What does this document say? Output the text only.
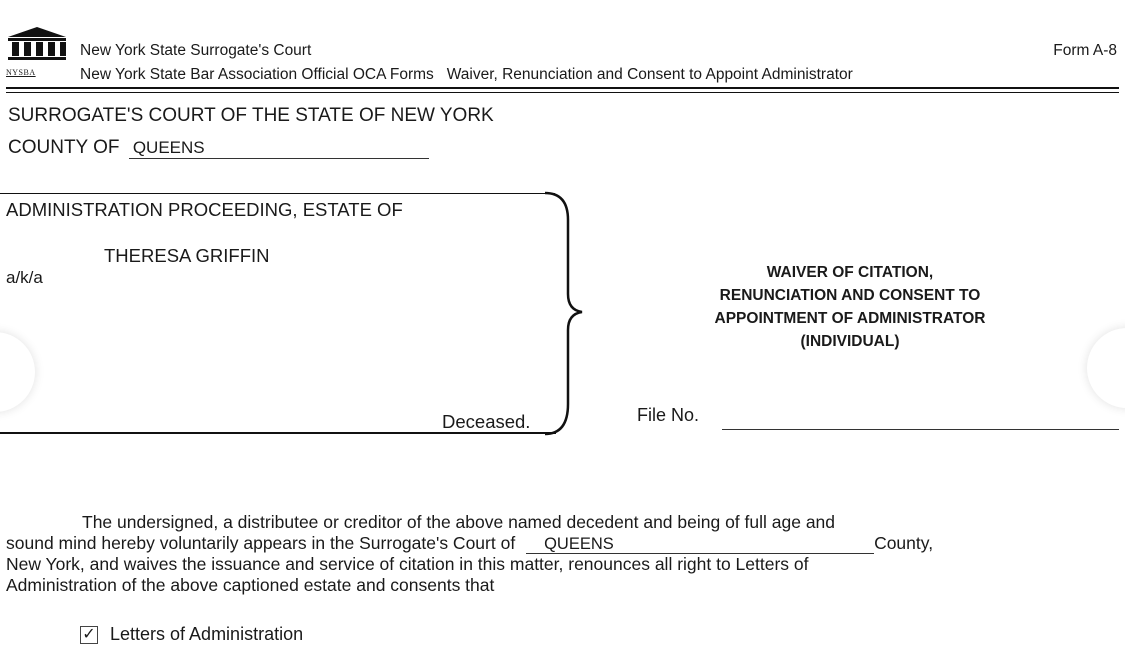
NYSBA
New York State Surrogate's Court	Form A-8
New York State Bar Association Official OCA Forms Waiver, Renunciation and Consent to Appoint Administrator
SURROGATE'S COURT OF THE STATE OF NEW YORK
COUNTY OF QUEENS
ADMINISTRATION PROCEEDING, ESTATE OF
THERESA GRIFFIN
a/k/a
Deceased.
WAIVER OF CITATION,
RENUNCIATION AND CONSENT TO
APPOINTMENT OF ADMINISTRATOR
(INDIVIDUAL)
File No.
The undersigned, a distributee or creditor of the above named decedent and being of full age and
sound mind hereby voluntarily appears in the Surrogate's Court of QUEENS	County,
New York, and waives the issuance and service of citation in this matter, renounces all right to Letters of
Administration of the above captioned estate and consents that
✓ Letters of Administration
